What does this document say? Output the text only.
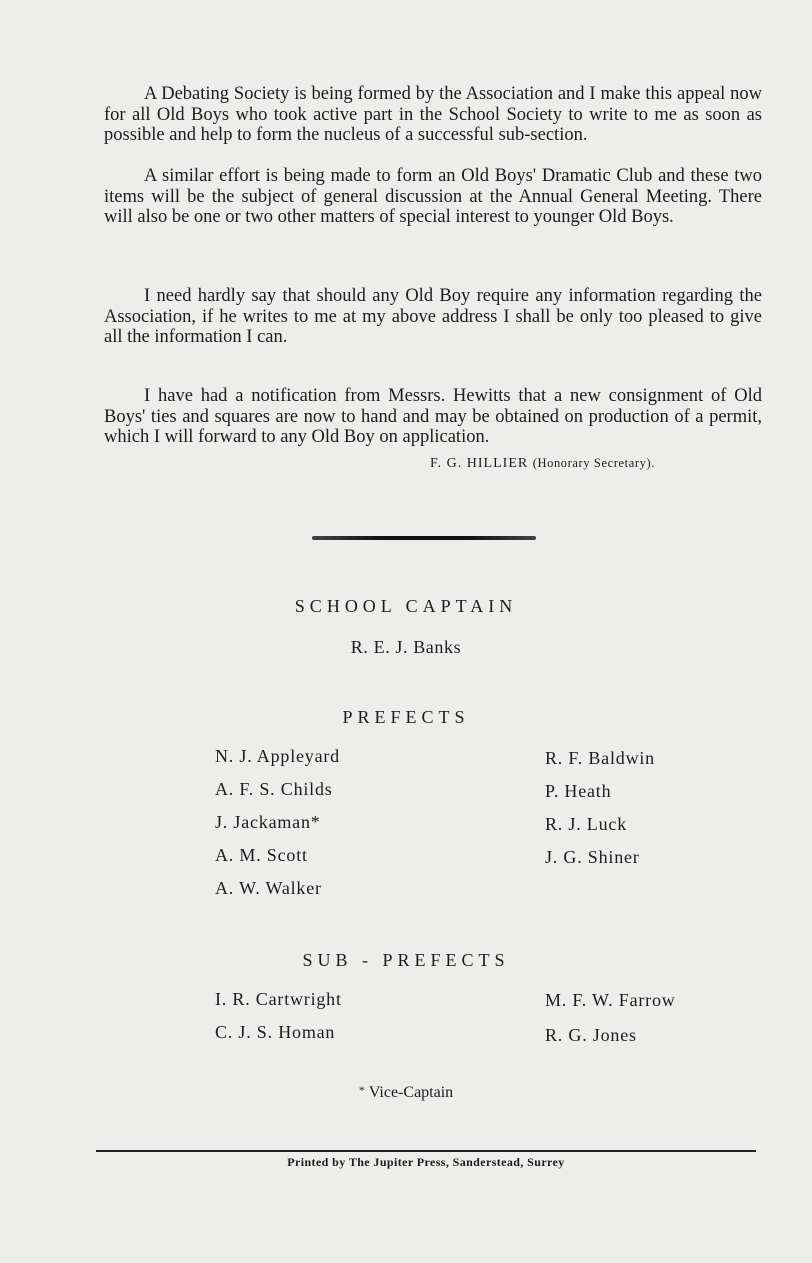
A Debating Society is being formed by the Association and I make this appeal now for all Old Boys who took active part in the School Society to write to me as soon as possible and help to form the nucleus of a successful sub-section.

A similar effort is being made to form an Old Boys' Dramatic Club and these two items will be the subject of general discussion at the Annual General Meeting. There will also be one or two other matters of special interest to younger Old Boys.

I need hardly say that should any Old Boy require any information regarding the Association, if he writes to me at my above address I shall be only too pleased to give all the information I can.

I have had a notification from Messrs. Hewitts that a new consignment of Old Boys' ties and squares are now to hand and may be obtained on production of a permit, which I will forward to any Old Boy on application.

F. G. HILLIER (Honorary Secretary).
SCHOOL CAPTAIN
R. E. J. Banks
PREFECTS
N. J. Appleyard
A. F. S. Childs
J. Jackaman*
A. M. Scott
A. W. Walker
R. F. Baldwin
P. Heath
R. J. Luck
J. G. Shiner
SUB - PREFECTS
I. R. Cartwright
C. J. S. Homan
M. F. W. Farrow
R. G. Jones
* Vice-Captain
Printed by The Jupiter Press, Sanderstead, Surrey
